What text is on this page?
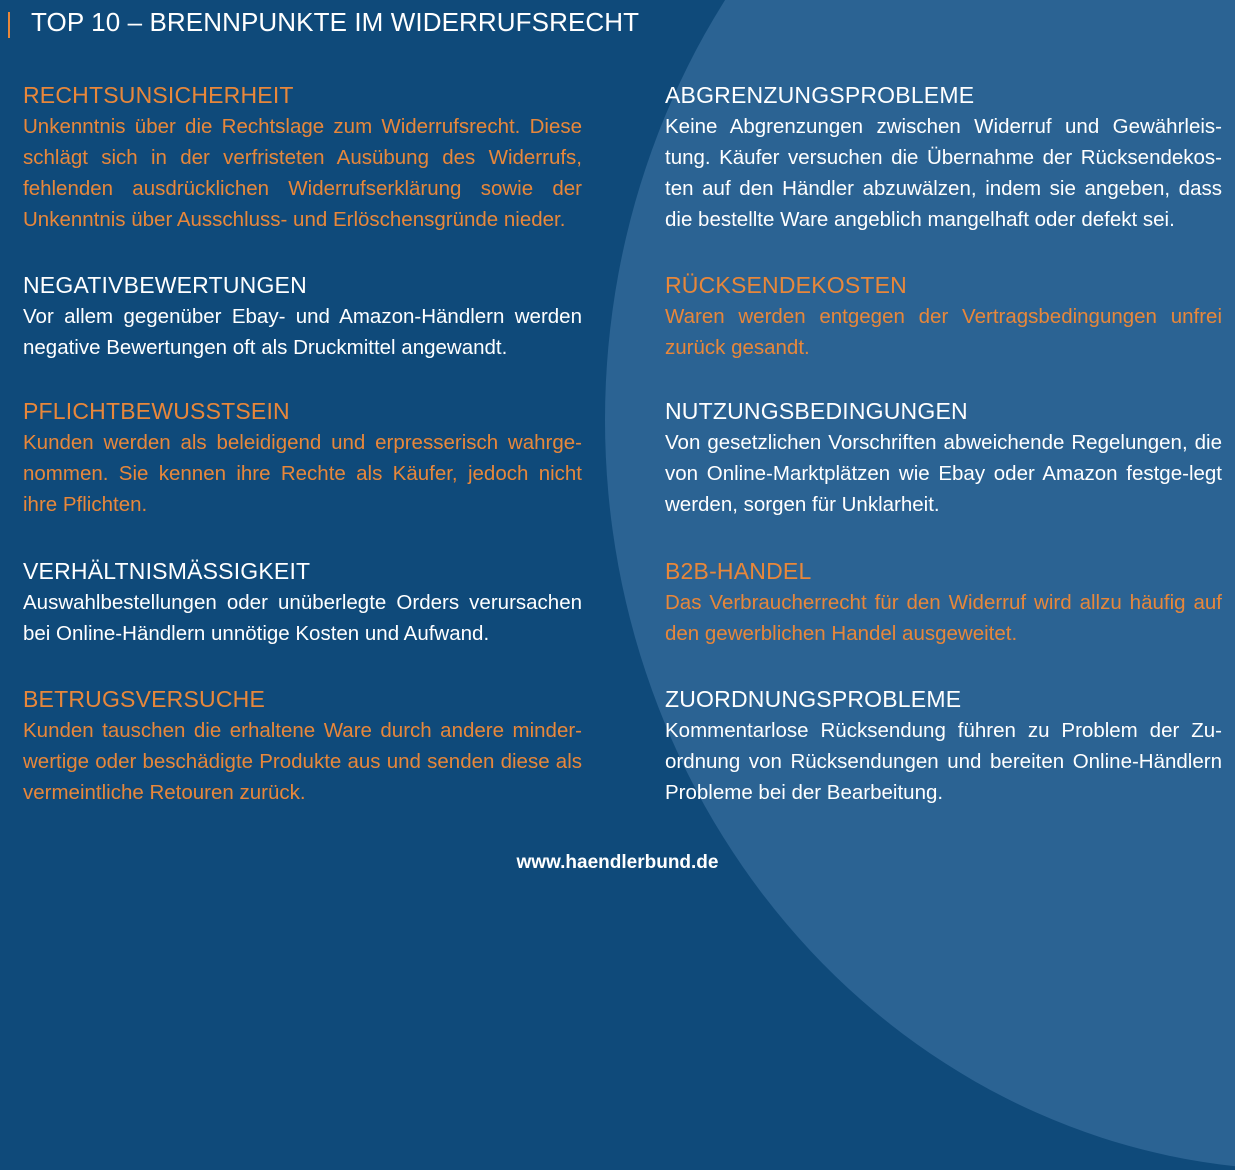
TOP 10 – BRENNPUNKTE IM WIDERRUFSRECHT
RECHTSUNSICHERHEIT

Unkenntnis über die Rechtslage zum Widerrufsrecht. Diese schlägt sich in der verfristeten Ausübung des Widerrufs, fehlenden ausdrücklichen Widerrufserklärung sowie der Unkenntnis über Ausschluss- und Erlöschensgründe nieder.

NEGATIVBEWERTUNGEN

Vor allem gegenüber Ebay- und Amazon-Händlern werden negative Bewertungen oft als Druckmittel angewandt.

PFLICHTBEWUSSTSEIN

Kunden werden als beleidigend und erpresserisch wahrge-nommen. Sie kennen ihre Rechte als Käufer, jedoch nicht ihre Pflichten.

VERHÄLTNISMÄSSIGKEIT

Auswahlbestellungen oder unüberlegte Orders verursachen bei Online-Händlern unnötige Kosten und Aufwand.

BETRUGSVERSUCHE

Kunden tauschen die erhaltene Ware durch andere minder-wertige oder beschädigte Produkte aus und senden diese als vermeintliche Retouren zurück.

ABGRENZUNGSPROBLEME

Keine Abgrenzungen zwischen Widerruf und Gewährleis-tung. Käufer versuchen die Übernahme der Rücksendekos-ten auf den Händler abzuwälzen, indem sie angeben, dass die bestellte Ware angeblich mangelhaft oder defekt sei.

RÜCKSENDEKOSTEN

Waren werden entgegen der Vertragsbedingungen unfrei zurück gesandt.

NUTZUNGSBEDINGUNGEN

Von gesetzlichen Vorschriften abweichende Regelungen, die von Online-Marktplätzen wie Ebay oder Amazon festge-legt werden, sorgen für Unklarheit.

B2B-HANDEL

Das Verbraucherrecht für den Widerruf wird allzu häufig auf den gewerblichen Handel ausgeweitet.

ZUORDNUNGSPROBLEME

Kommentarlose Rücksendung führen zu Problem der Zu-ordnung von Rücksendungen und bereiten Online-Händlern Probleme bei der Bearbeitung.

www.haendlerbund.de
